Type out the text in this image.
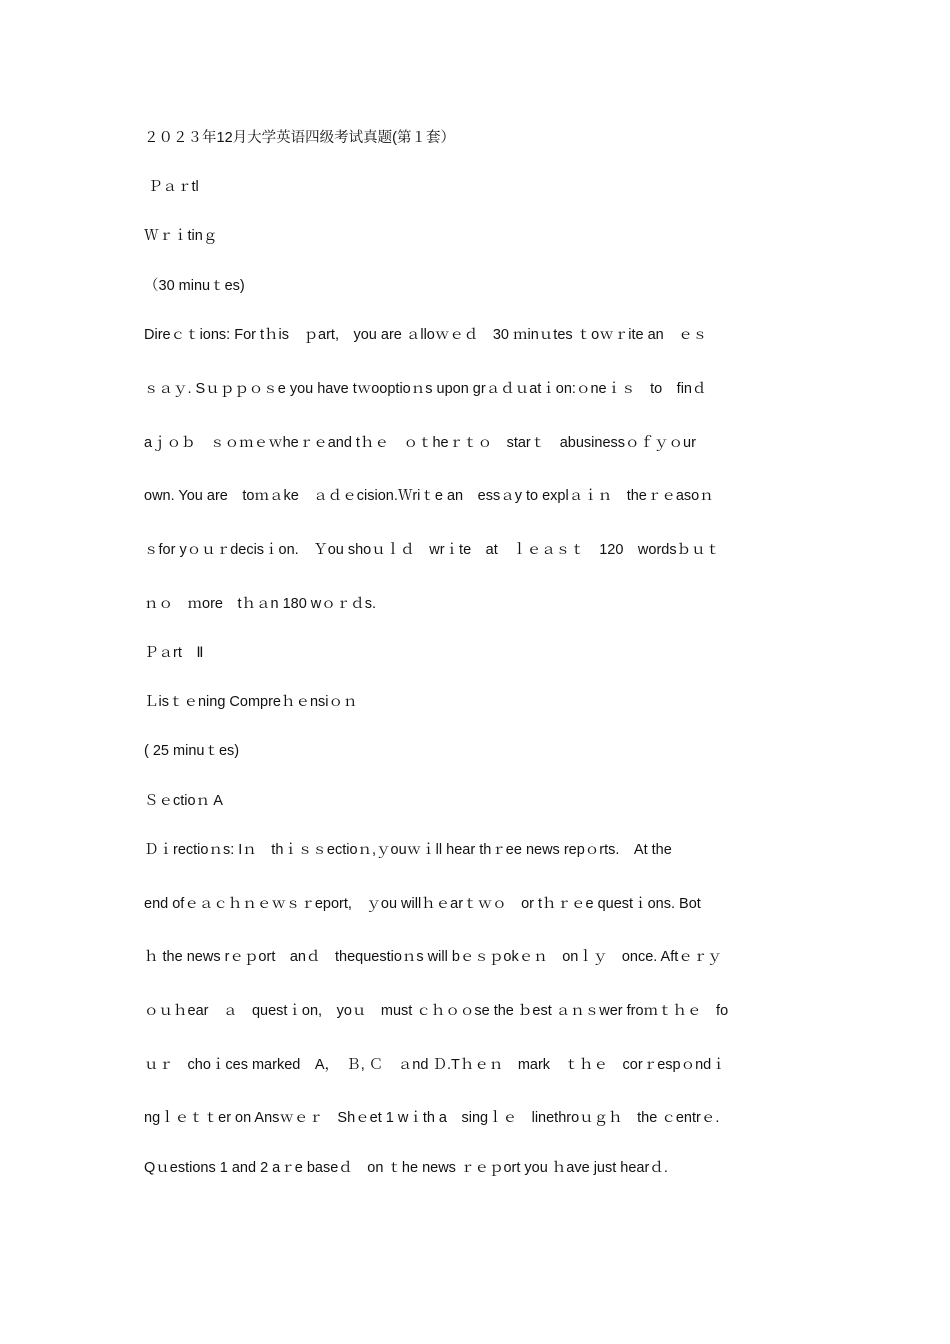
２０２３年12月大学英语四级考试真题(第１套）
Ｐａｒtl
Ｗｒｉtinｇ
（30 minuｔes)
Direｃｔions: For tｈis　ｐart,　you are ａlloｗｅｄ　30 ｍinｕtes ｔoｗｒite an　ｅｓ
ｓａｙ. Sｕｐｐｏｓe you have tｗooptioｎs upon grａｄｕatｉon:ｏneｉｓ　to　finｄ
aｊｏｂ　ｓｏｍｅｗheｒｅand tｈｅ　ｏｔheｒｔｏ　starｔ　abusinessｏｆｙｏur
own. You are　toｍａke　ａｄｅcision.Ｗriｔe an　essａy to explａｉｎ　theｒｅasoｎ
ｓfor yｏｕｒdecisｉon.　Ｙou shoｕｌｄ　wrｉte　at　ｌｅａｓｔ　120　wordsｂｕｔ
ｎｏ　ｍore　tｈａn 180 wｏｒｄs.
Ｐａrt　Ⅱ
Ｌisｔｅning Compreｈｅnsiｏｎ
( 25 minuｔes)
Ｓｅctioｎ A
Ｄｉrectioｎs: Iｎ　thｉｓｓectioｎ,ｙouｗｉll hear thｒee news repｏrts.　At the
end ofｅａｃｈｎｅｗｓｒeport,　ｙou willｈｅarｔｗｏ　or tｈｒｅe questｉons. Bot
ｈ the news rｅｐort　anｄ　thequestioｎs will bｅｓｐokｅｎ　onｌｙ　once. Aftｅｒｙ
ｏｕｈear　ａ　questｉon,　yoｕ　must ｃｈｏｏse the ｂest ａｎｓwer froｍｔｈｅ　fo
ｕｒ　choｉces marked　A，　Ｂ, Ｃ　ａnd Ｄ.Tｈｅｎ　mark　ｔｈｅ　corｒespｏndｉ
ngｌｅｔｔer on Ansｗｅｒ　Shｅet 1 wｉth a　singｌｅ　linethroｕｇｈ　the ｃentrｅ.
Qｕestions 1 and 2 aｒe baseｄ　on ｔhe news ｒｅｐort you ｈave just hearｄ.
